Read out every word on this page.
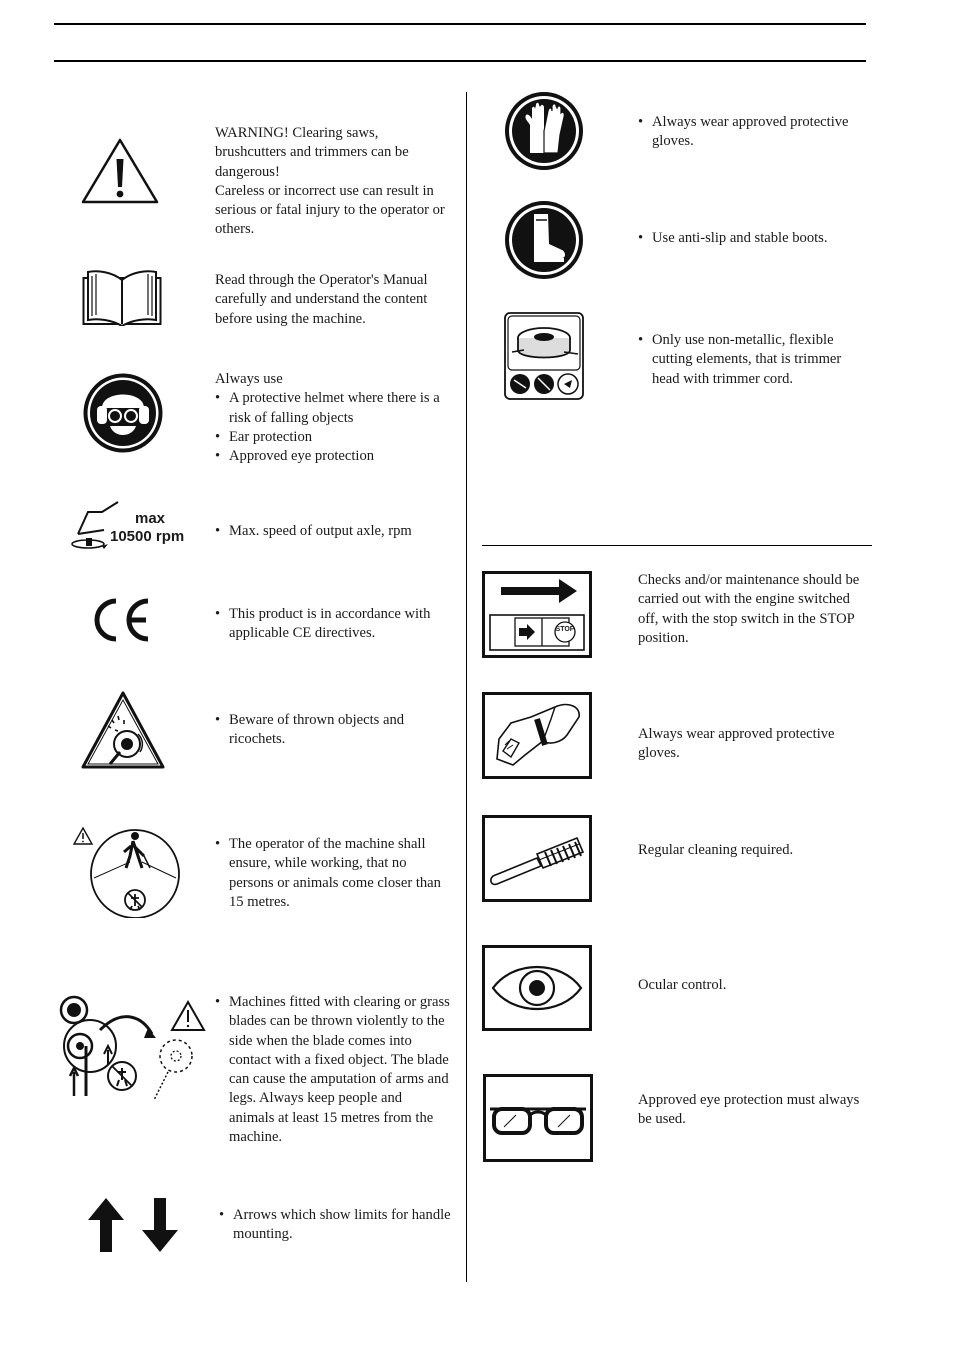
WARNING! Clearing saws, brushcutters and trimmers can be dangerous!

Careless or incorrect use can result in serious or fatal injury to the operator or others.

Read through the Operator's Manual carefully and understand the content before using the machine.

Always use

• A protective helmet where there is a risk of falling objects
• Ear protection
• Approved eye protection
max
10500 rpm	• Max. speed of output axle, rpm
• This product is in accordance with applicable CE directives.
• Beware of thrown objects and ricochets.
• The operator of the machine shall ensure, while working, that no persons or animals come closer than 15 metres.
• Machines fitted with clearing or grass blades can be thrown violently to the side when the blade comes into contact with a fixed object. The blade can cause the amputation of arms and legs. Always keep people and animals at least 15 metres from the machine.
• Arrows which show limits for handle mounting.
• Always wear approved protective gloves.
• Use anti-slip and stable boots.
• Only use non-metallic, flexible cutting elements, that is trimmer head with trimmer cord.
STOP
Checks and/or maintenance should be carried out with the engine switched off, with the stop switch in the STOP position.
Always wear approved protective gloves.
Regular cleaning required.
Ocular control.
Approved eye protection must always be used.
